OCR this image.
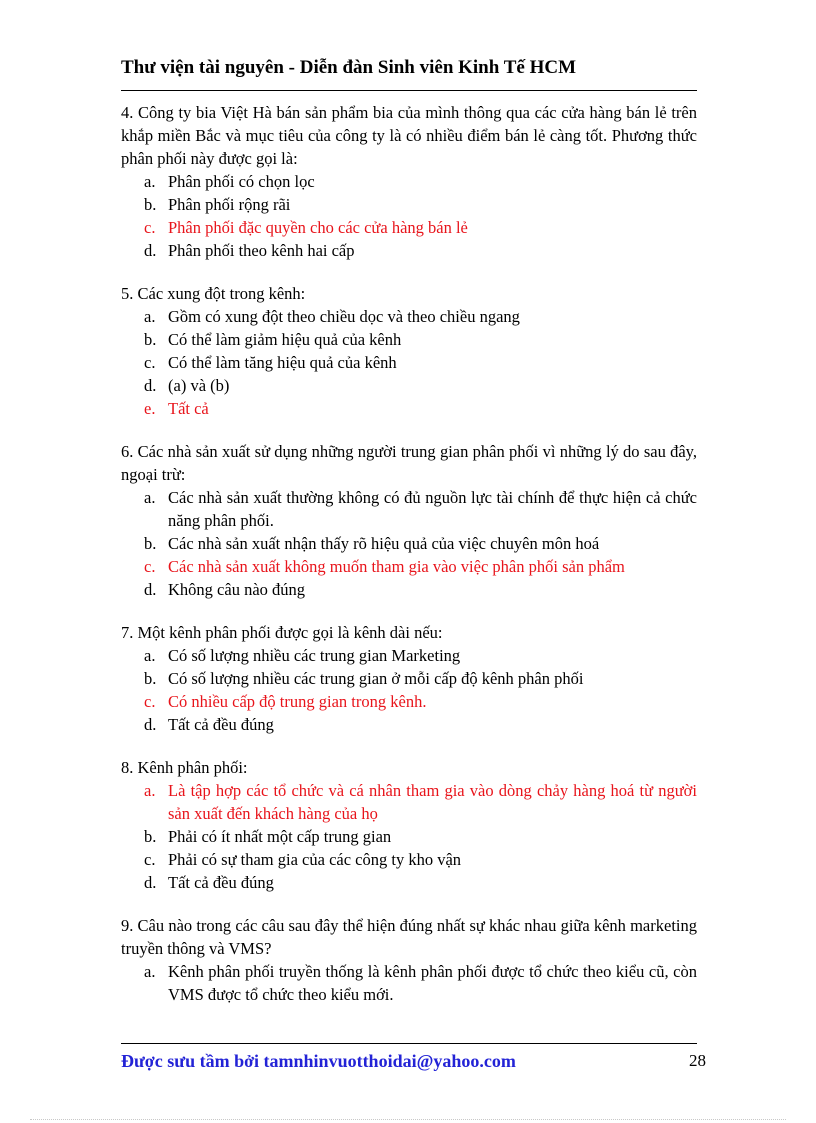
Thư viện tài nguyên - Diễn đàn Sinh viên Kinh Tế HCM
4. Công ty bia Việt Hà bán sản phẩm bia của mình thông qua các cửa hàng bán lẻ trên khắp miền Bắc và mục tiêu của công ty là có nhiều điểm bán lẻ càng tốt. Phương thức phân phối này được gọi là:
a. Phân phối có chọn lọc
b. Phân phối rộng rãi
c. Phân phối đặc quyền cho các cửa hàng bán lẻ
d. Phân phối theo kênh hai cấp
5. Các xung đột trong kênh:
a. Gồm có xung đột theo chiều dọc và theo chiều ngang
b. Có thể làm giảm hiệu quả của kênh
c. Có thể làm tăng hiệu quả của kênh
d. (a) và (b)
e. Tất cả
6. Các nhà sản xuất sử dụng những người trung gian phân phối vì những lý do sau đây, ngoại trừ:
a. Các nhà sản xuất thường không có đủ nguồn lực tài chính để thực hiện cả chức năng phân phối.
b. Các nhà sản xuất nhận thấy rõ hiệu quả của việc chuyên môn hoá
c. Các nhà sản xuất không muốn tham gia vào việc phân phối sản phẩm
d. Không câu nào đúng
7. Một kênh phân phối được gọi là kênh dài nếu:
a. Có số lượng nhiều các trung gian Marketing
b. Có số lượng nhiều các trung gian ở mỗi cấp độ kênh phân phối
c. Có nhiều cấp độ trung gian trong kênh.
d. Tất cả đều đúng
8. Kênh phân phối:
a. Là tập hợp các tổ chức và cá nhân tham gia vào dòng chảy hàng hoá từ người sản xuất đến khách hàng của họ
b. Phải có ít nhất một cấp trung gian
c. Phải có sự tham gia của các công ty kho vận
d. Tất cả đều đúng
9. Câu nào trong các câu sau đây thể hiện đúng nhất sự khác nhau giữa kênh marketing truyền thông và VMS?
a. Kênh phân phối truyền thống là kênh phân phối được tổ chức theo kiểu cũ, còn VMS được tổ chức theo kiểu mới.
Được sưu tầm bởi tamnhinvuotthoidai@yahoo.com	28
